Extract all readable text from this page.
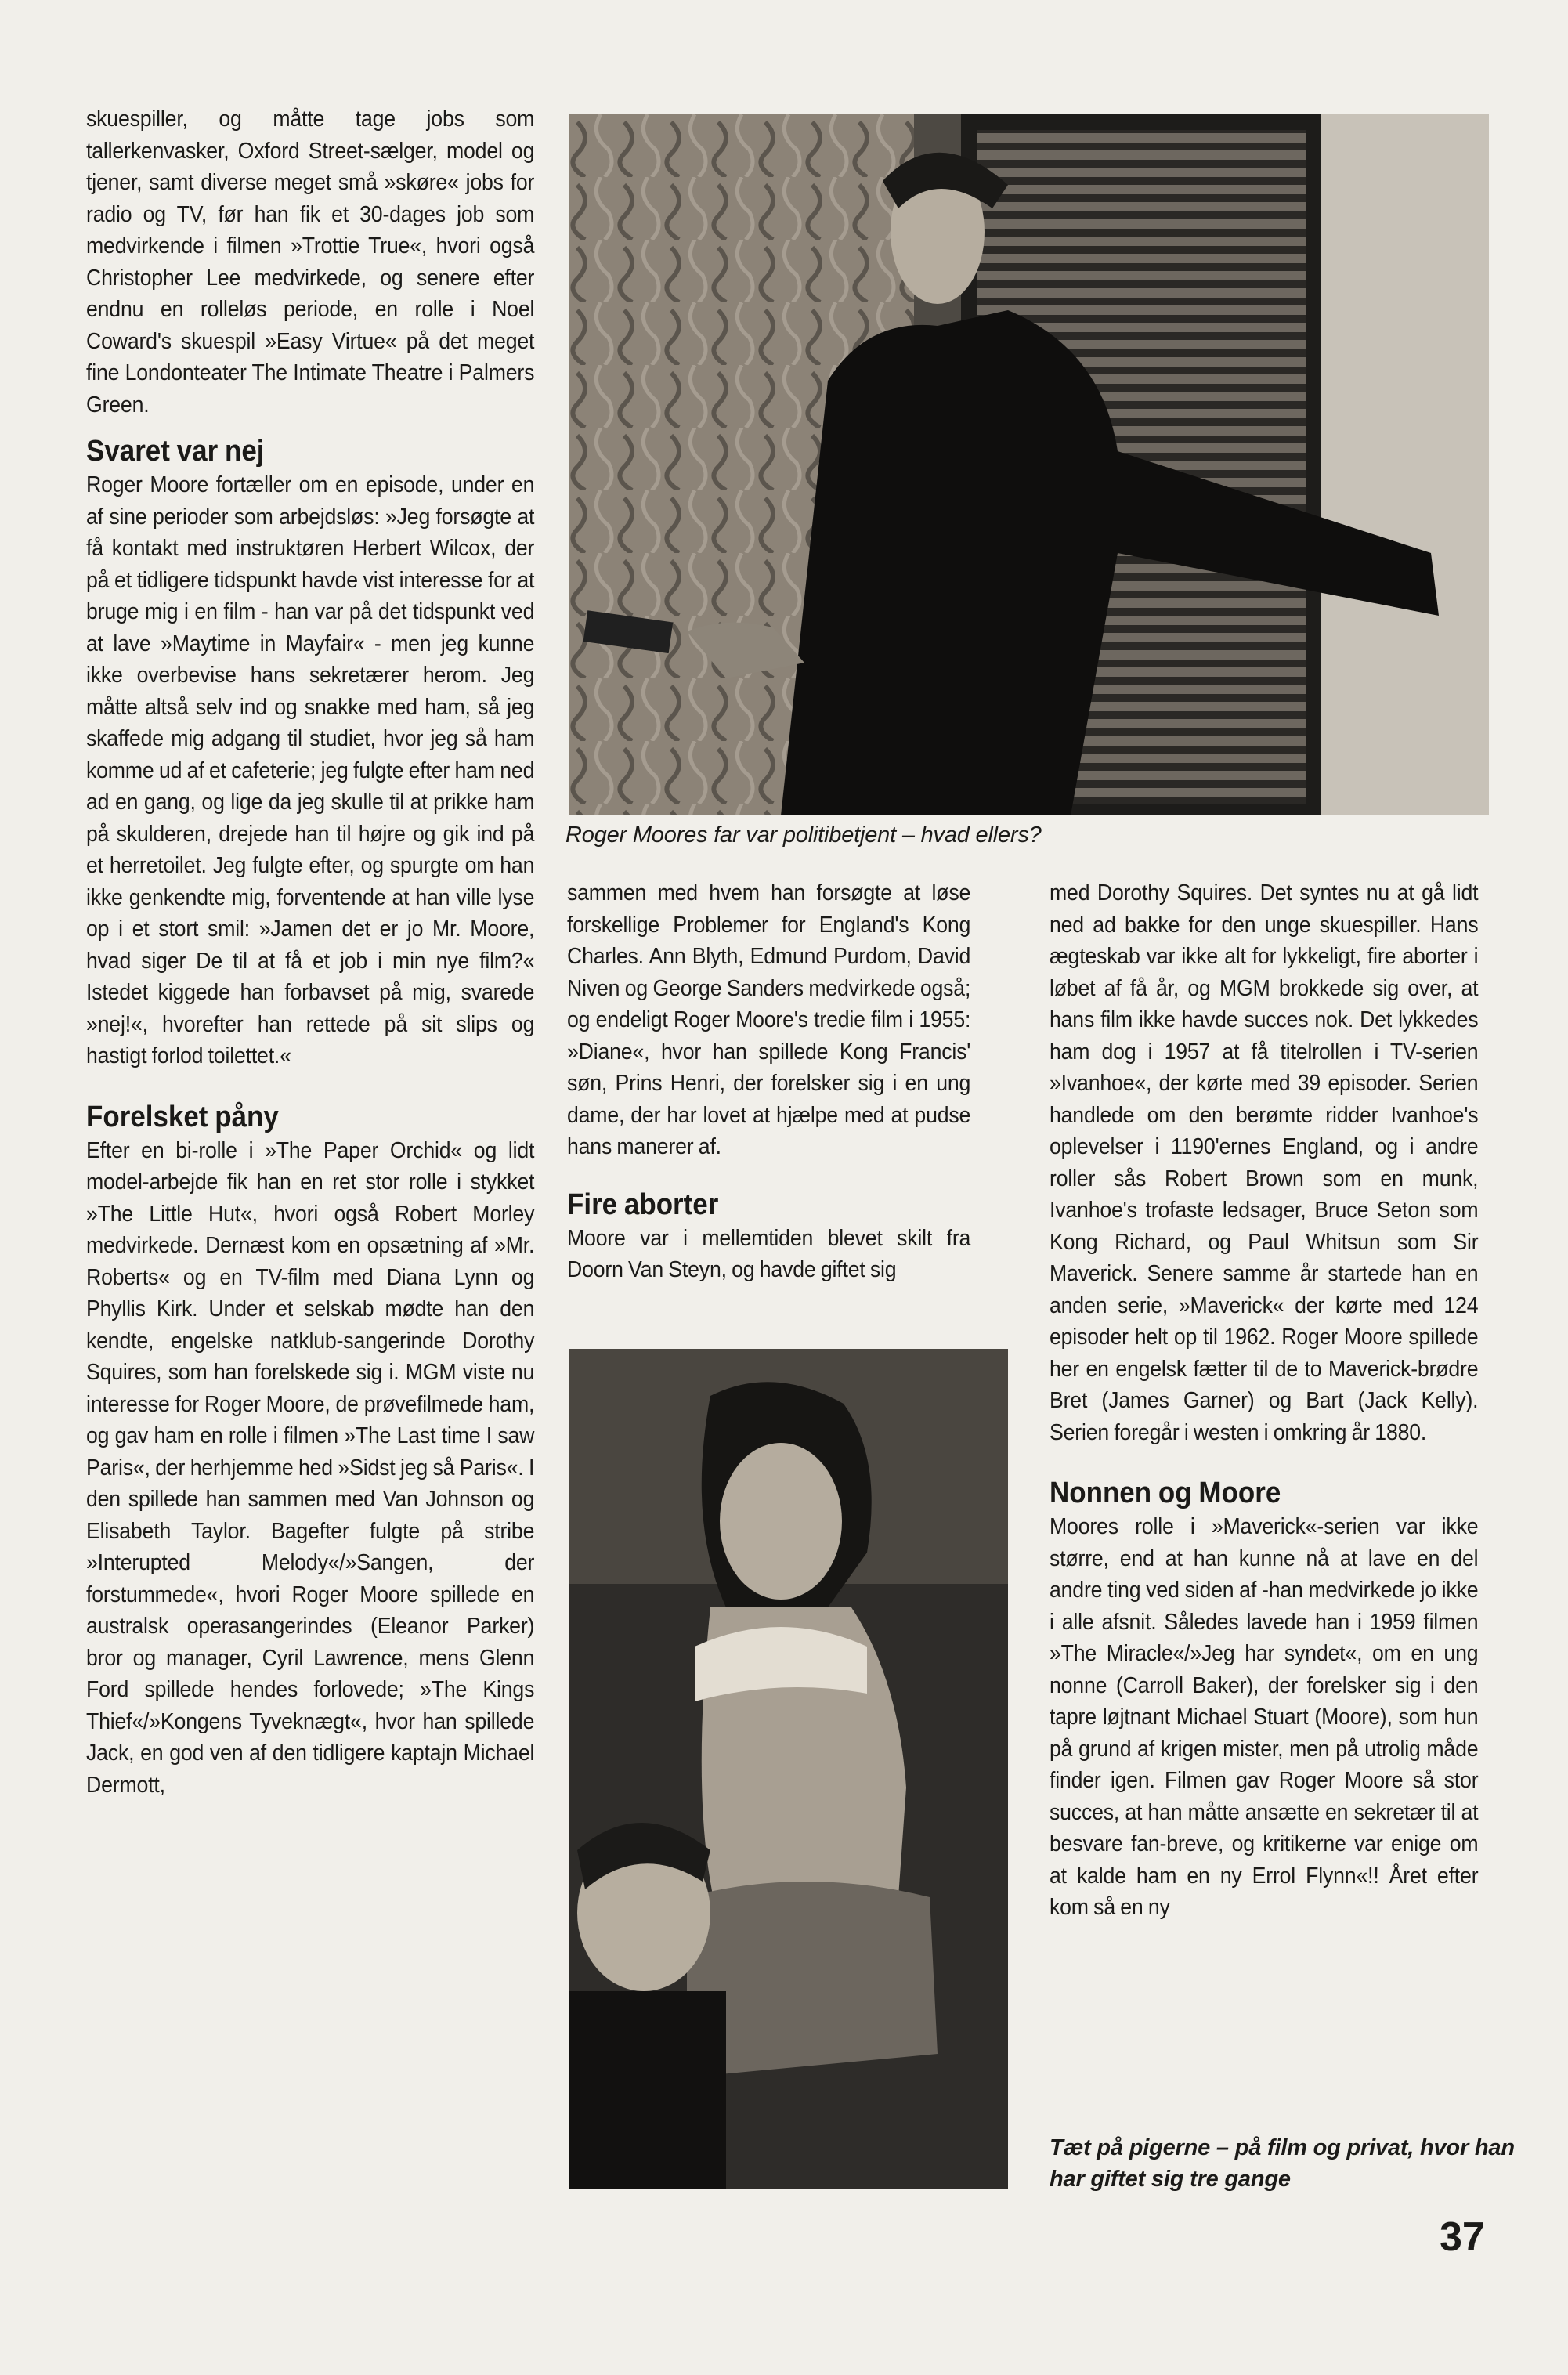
skuespiller, og måtte tage jobs som tallerkenvasker, Oxford Street-sælger, model og tjener, samt diverse meget små »skøre« jobs for radio og TV, før han fik et 30-dages job som medvirkende i filmen »Trottie True«, hvori også Christopher Lee medvirkede, og senere efter endnu en rolleløs periode, en rolle i Noel Coward's skuespil »Easy Virtue« på det meget fine Londonteater The Intimate Theatre i Palmers Green.

Svaret var nej

Roger Moore fortæller om en episode, under en af sine perioder som arbejdsløs: »Jeg forsøgte at få kontakt med instruktøren Herbert Wilcox, der på et tidligere tidspunkt havde vist interesse for at bruge mig i en film - han var på det tidspunkt ved at lave »Maytime in Mayfair« - men jeg kunne ikke overbevise hans sekretærer herom. Jeg måtte altså selv ind og snakke med ham, så jeg skaffede mig adgang til studiet, hvor jeg så ham komme ud af et cafeterie; jeg fulgte efter ham ned ad en gang, og lige da jeg skulle til at prikke ham på skulderen, drejede han til højre og gik ind på et herretoilet. Jeg fulgte efter, og spurgte om han ikke genkendte mig, forventende at han ville lyse op i et stort smil: »Jamen det er jo Mr. Moore, hvad siger De til at få et job i min nye film?« Istedet kiggede han forbavset på mig, svarede »nej!«, hvorefter han rettede på sit slips og hastigt forlod toilettet.«

Forelsket påny

Efter en bi-rolle i »The Paper Orchid« og lidt model-arbejde fik han en ret stor rolle i stykket »The Little Hut«, hvori også Robert Morley medvirkede. Dernæst kom en opsætning af »Mr. Roberts« og en TV-film med Diana Lynn og Phyllis Kirk. Under et selskab mødte han den kendte, engelske natklub-sangerinde Dorothy Squires, som han forelskede sig i. MGM viste nu interesse for Roger Moore, de prøvefilmede ham, og gav ham en rolle i filmen »The Last time I saw Paris«, der herhjemme hed »Sidst jeg så Paris«. I den spillede han sammen med Van Johnson og Elisabeth Taylor. Bagefter fulgte på stribe »Interupted Melody«/»Sangen, der forstummede«, hvori Roger Moore spillede en australsk operasangerindes (Eleanor Parker) bror og manager, Cyril Lawrence, mens Glenn Ford spillede hendes forlovede; »The Kings Thief«/»Kongens Tyveknægt«, hvor han spillede Jack, en god ven af den tidligere kaptajn Michael Dermott,

Roger Moores far var politibetjent – hvad ellers?

sammen med hvem han forsøgte at løse forskellige Problemer for England's Kong Charles. Ann Blyth, Edmund Purdom, David Niven og George Sanders medvirkede også; og endeligt Roger Moore's tredie film i 1955: »Diane«, hvor han spillede Kong Francis' søn, Prins Henri, der forelsker sig i en ung dame, der har lovet at hjælpe med at pudse hans manerer af.

Fire aborter

Moore var i mellemtiden blevet skilt fra Doorn Van Steyn, og havde giftet sig

med Dorothy Squires. Det syntes nu at gå lidt ned ad bakke for den unge skuespiller. Hans ægteskab var ikke alt for lykkeligt, fire aborter i løbet af få år, og MGM brokkede sig over, at hans film ikke havde succes nok. Det lykkedes ham dog i 1957 at få titelrollen i TV-serien »Ivanhoe«, der kørte med 39 episoder. Serien handlede om den berømte ridder Ivanhoe's oplevelser i 1190'ernes England, og i andre roller sås Robert Brown som en munk, Ivanhoe's trofaste ledsager, Bruce Seton som Kong Richard, og Paul Whitsun som Sir Maverick. Senere samme år startede han en anden serie, »Maverick« der kørte med 124 episoder helt op til 1962. Roger Moore spillede her en engelsk fætter til de to Maverick-brødre Bret (James Garner) og Bart (Jack Kelly). Serien foregår i westen i omkring år 1880.

Nonnen og Moore

Moores rolle i »Maverick«-serien var ikke større, end at han kunne nå at lave en del andre ting ved siden af -han medvirkede jo ikke i alle afsnit. Således lavede han i 1959 filmen »The Miracle«/»Jeg har syndet«, om en ung nonne (Carroll Baker), der forelsker sig i den tapre løjtnant Michael Stuart (Moore), som hun på grund af krigen mister, men på utrolig måde finder igen. Filmen gav Roger Moore så stor succes, at han måtte ansætte en sekretær til at besvare fan-breve, og kritikerne var enige om at kalde ham en ny Errol Flynn«!! Året efter kom så en ny

Tæt på pigerne – på film og privat, hvor han har giftet sig tre gange
37
